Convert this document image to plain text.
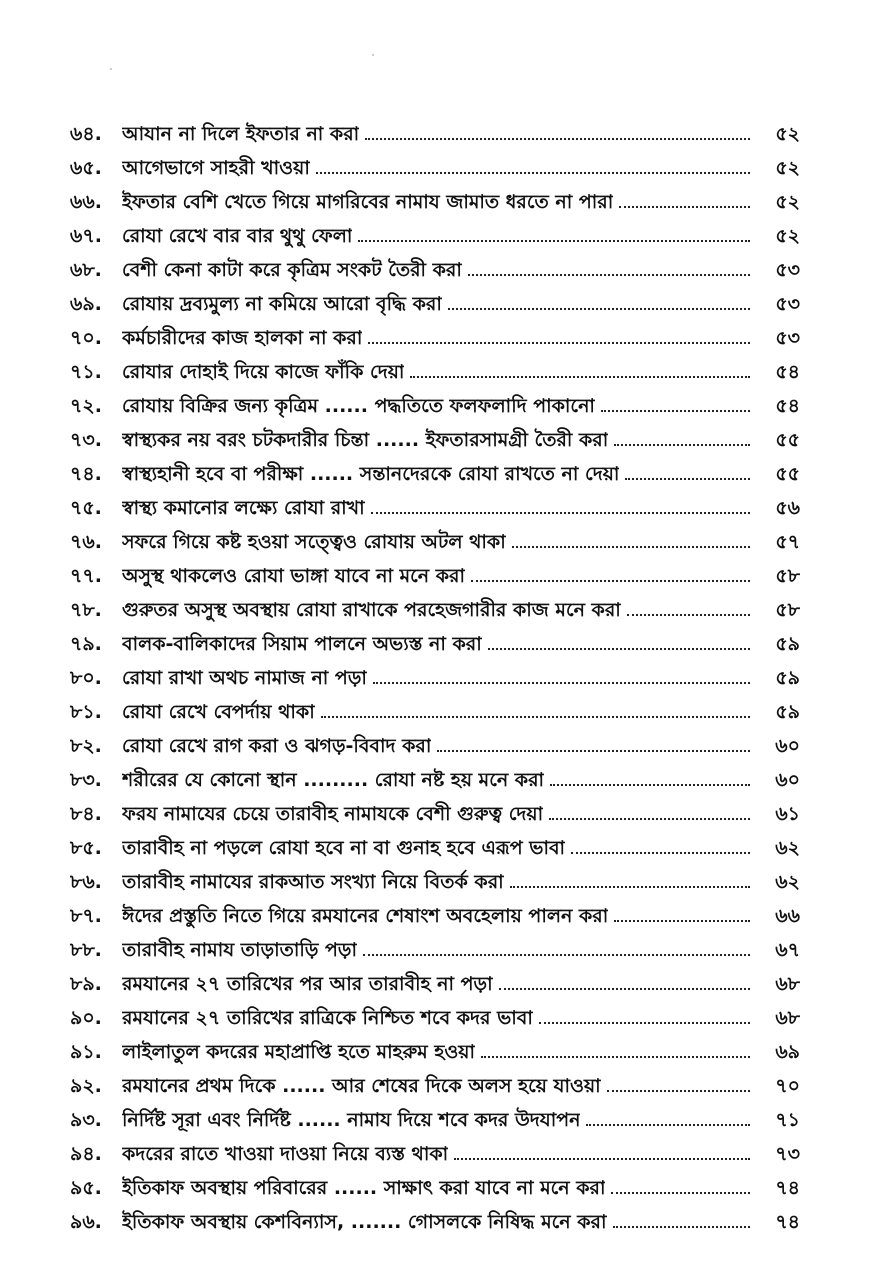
৬৪.	আযান না দিলে ইফতার না করা	৫২
৬৫.	আগেভাগে সাহরী খাওয়া	৫২
৬৬.	ইফতার বেশি খেতে গিয়ে মাগরিবের নামায জামাত ধরতে না পারা	৫২
৬৭.	রোযা রেখে বার বার থুথু ফেলা	৫২
৬৮.	বেশী কেনা কাটা করে কৃত্রিম সংকট তৈরী করা	৫৩
৬৯.	রোযায় দ্রব্যমুল্য না কমিয়ে আরো বৃদ্ধি করা	৫৩
৭০.	কর্মচারীদের কাজ হালকা না করা	৫৩
৭১.	রোযার দোহাই দিয়ে কাজে ফাঁকি দেয়া	৫৪
৭২.	রোযায় বিক্রির জন্য কৃত্রিম ...... পদ্ধতিতে ফলফলাদি পাকানো	৫৪
৭৩.	স্বাস্থ্যকর নয় বরং চটকদারীর চিন্তা ...... ইফতারসামগ্রী তৈরী করা	৫৫
৭৪.	স্বাস্থ্যহানী হবে বা পরীক্ষা ...... সন্তানদেরকে রোযা রাখতে না দেয়া	৫৫
৭৫.	স্বাস্থ্য কমানোর লক্ষ্যে রোযা রাখা	৫৬
৭৬.	সফরে গিয়ে কষ্ট হওয়া সত্ত্বেও রোযায় অটল থাকা	৫৭
৭৭.	অসুস্থ থাকলেও রোযা ভাঙ্গা যাবে না মনে করা	৫৮
৭৮.	গুরুতর অসুস্থ অবস্থায় রোযা রাখাকে পরহেজগারীর কাজ মনে করা	৫৮
৭৯.	বালক-বালিকাদের সিয়াম পালনে অভ্যস্ত না করা	৫৯
৮০.	রোযা রাখা অথচ নামাজ না পড়া	৫৯
৮১.	রোযা রেখে বেপর্দায় থাকা	৫৯
৮২.	রোযা রেখে রাগ করা ও ঝগড়-বিবাদ করা	৬০
৮৩.	শরীরের যে কোনো স্থান ......... রোযা নষ্ট হয় মনে করা	৬০
৮৪.	ফরয নামাযের চেয়ে তারাবীহ নামাযকে বেশী গুরুত্ব দেয়া	৬১
৮৫.	তারাবীহ না পড়লে রোযা হবে না বা গুনাহ হবে এরূপ ভাবা	৬২
৮৬.	তারাবীহ নামাযের রাকআত সংখ্যা নিয়ে বিতর্ক করা	৬২
৮৭.	ঈদের প্রস্তুতি নিতে গিয়ে রমযানের শেষাংশ অবহেলায় পালন করা	৬৬
৮৮.	তারাবীহ নামায তাড়াতাড়ি পড়া	৬৭
৮৯.	রমযানের ২৭ তারিখের পর আর তারাবীহ না পড়া	৬৮
৯০.	রমযানের ২৭ তারিখের রাত্রিকে নিশ্চিত শবে কদর ভাবা	৬৮
৯১.	লাইলাতুল কদরের মহাপ্রাপ্তি হতে মাহরুম হওয়া	৬৯
৯২.	রমযানের প্রথম দিকে ...... আর শেষের দিকে অলস হয়ে যাওয়া	৭০
৯৩.	নির্দিষ্ট সূরা এবং নির্দিষ্ট ...... নামায দিয়ে শবে কদর উদযাপন	৭১
৯৪.	কদরের রাতে খাওয়া দাওয়া নিয়ে ব্যস্ত থাকা	৭৩
৯৫.	ইতিকাফ অবস্থায় পরিবারের ...... সাক্ষাৎ করা যাবে না মনে করা	৭৪
৯৬.	ইতিকাফ অবস্থায় কেশবিন্যাস, ....... গোসলকে নিষিদ্ধ মনে করা	৭৪
